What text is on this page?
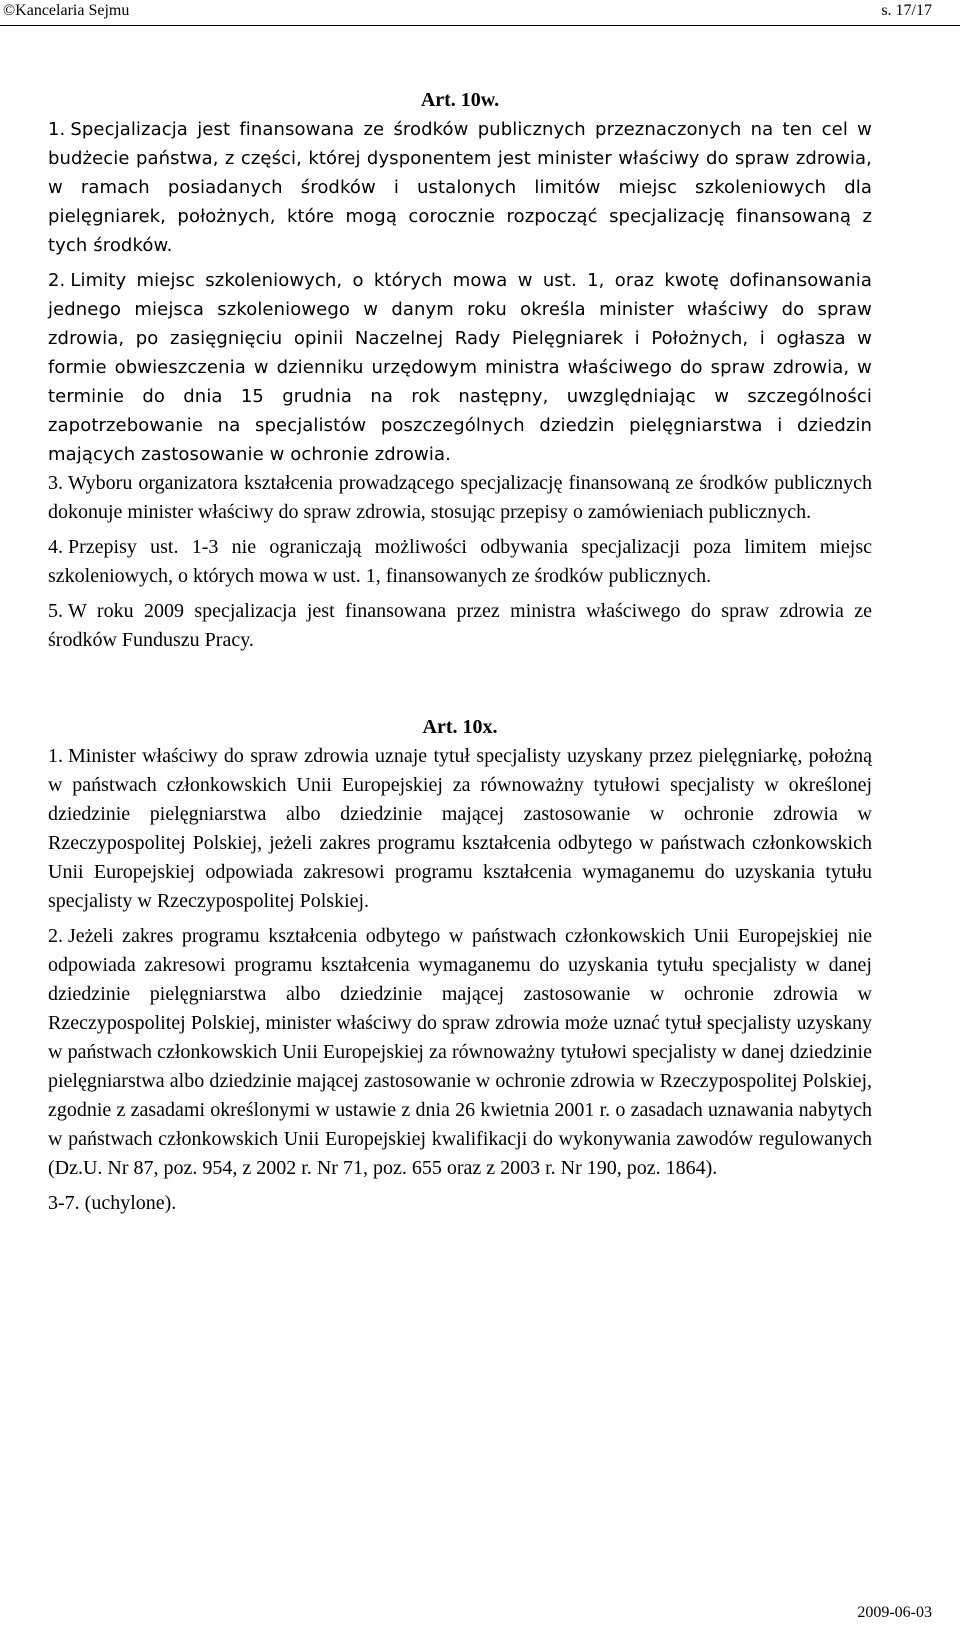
©Kancelaria Sejmu	s. 17/17
Art. 10w.

1. Specjalizacja jest finansowana ze środków publicznych przeznaczonych na ten cel w budżecie państwa, z części, której dysponentem jest minister właściwy do spraw zdrowia, w ramach posiadanych środków i ustalonych limitów miejsc szkoleniowych dla pielęgniarek, położnych, które mogą corocznie rozpocząć specjalizację finansowaną z tych środków.

2. Limity miejsc szkoleniowych, o których mowa w ust. 1, oraz kwotę dofinansowania jednego miejsca szkoleniowego w danym roku określa minister właściwy do spraw zdrowia, po zasięgnięciu opinii Naczelnej Rady Pielęgniarek i Położnych, i ogłasza w formie obwieszczenia w dzienniku urzędowym ministra właściwego do spraw zdrowia, w terminie do dnia 15 grudnia na rok następny, uwzględniając w szczególności zapotrzebowanie na specjalistów poszczególnych dziedzin pielęgniarstwa i dziedzin mających zastosowanie w ochronie zdrowia.

3. Wyboru organizatora kształcenia prowadzącego specjalizację finansowaną ze środków publicznych dokonuje minister właściwy do spraw zdrowia, stosując przepisy o zamówieniach publicznych.

4. Przepisy ust. 1-3 nie ograniczają możliwości odbywania specjalizacji poza limitem miejsc szkoleniowych, o których mowa w ust. 1, finansowanych ze środków publicznych.

5. W roku 2009 specjalizacja jest finansowana przez ministra właściwego do spraw zdrowia ze środków Funduszu Pracy.

Art. 10x.

1. Minister właściwy do spraw zdrowia uznaje tytuł specjalisty uzyskany przez pielęgniarkę, położną w państwach członkowskich Unii Europejskiej za równoważny tytułowi specjalisty w określonej dziedzinie pielęgniarstwa albo dziedzinie mającej zastosowanie w ochronie zdrowia w Rzeczypospolitej Polskiej, jeżeli zakres programu kształcenia odbytego w państwach członkowskich Unii Europejskiej odpowiada zakresowi programu kształcenia wymaganemu do uzyskania tytułu specjalisty w Rzeczypospolitej Polskiej.

2. Jeżeli zakres programu kształcenia odbytego w państwach członkowskich Unii Europejskiej nie odpowiada zakresowi programu kształcenia wymaganemu do uzyskania tytułu specjalisty w danej dziedzinie pielęgniarstwa albo dziedzinie mającej zastosowanie w ochronie zdrowia w Rzeczypospolitej Polskiej, minister właściwy do spraw zdrowia może uznać tytuł specjalisty uzyskany w państwach członkowskich Unii Europejskiej za równoważny tytułowi specjalisty w danej dziedzinie pielęgniarstwa albo dziedzinie mającej zastosowanie w ochronie zdrowia w Rzeczypospolitej Polskiej, zgodnie z zasadami określonymi w ustawie z dnia 26 kwietnia 2001 r. o zasadach uznawania nabytych w państwach członkowskich Unii Europejskiej kwalifikacji do wykonywania zawodów regulowanych (Dz.U. Nr 87, poz. 954, z 2002 r. Nr 71, poz. 655 oraz z 2003 r. Nr 190, poz. 1864).

3-7. (uchylone).

2009-06-03
